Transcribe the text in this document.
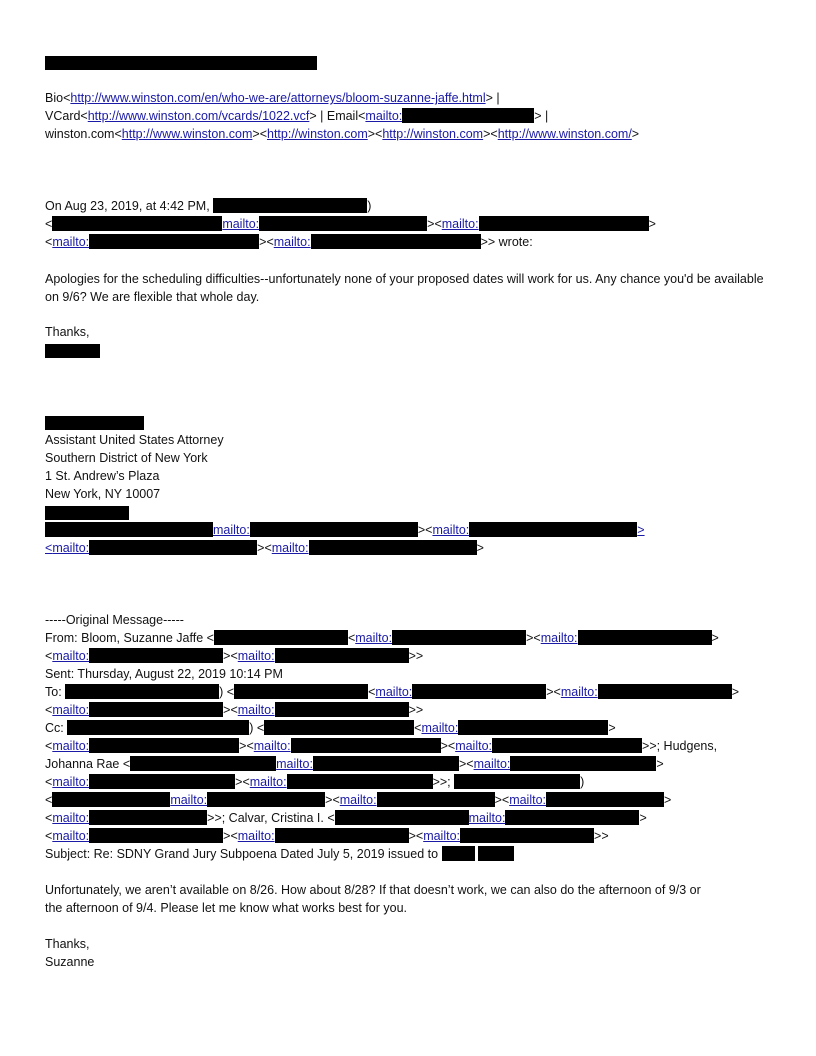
Bio<http://www.winston.com/en/who-we-are/attorneys/bloom-suzanne-jaffe.html> |
VCard<http://www.winston.com/vcards/1022.vcf> | Email<mailto:	> |
winston.com<http://www.winston.com><http://winston.com><http://winston.com><http://www.winston.com/>
On Aug 23, 2019, at 4:42 PM,	)
<	mailto:	><mailto:	>
<mailto:	><mailto:	>> wrote:
Apologies for the scheduling difficulties--unfortunately none of your proposed dates will work for us. Any chance you'd be available on 9/6? We are flexible that whole day.
Thanks,
Assistant United States Attorney
Southern District of New York
1 St. Andrew’s Plaza
New York, NY 10007
mailto:	><mailto:	>
<mailto:	><mailto:	>
-----Original Message-----
From: Bloom, Suzanne Jaffe <	<mailto:	><mailto:	>
<mailto:	><mailto:	>>
Sent: Thursday, August 22, 2019 10:14 PM
To:	) <	<mailto:	><mailto:	>
<mailto:	><mailto:	>>
Cc:	) <	<mailto:	>
<mailto:	><mailto:	><mailto:	>>; Hudgens,
Johanna Rae <	mailto:	><mailto:	>
<mailto:	><mailto:	>>;	)
<	mailto:	><mailto:	><mailto:	>
<mailto:	>>; Calvar, Cristina I. <	mailto:	>
<mailto:	><mailto:	><mailto:	>>
Subject: Re: SDNY Grand Jury Subpoena Dated July 5, 2019 issued to
Unfortunately, we aren’t available on 8/26. How about 8/28? If that doesn’t work, we can also do the afternoon of 9/3 or
the afternoon of 9/4. Please let me know what works best for you.
Thanks,
Suzanne
